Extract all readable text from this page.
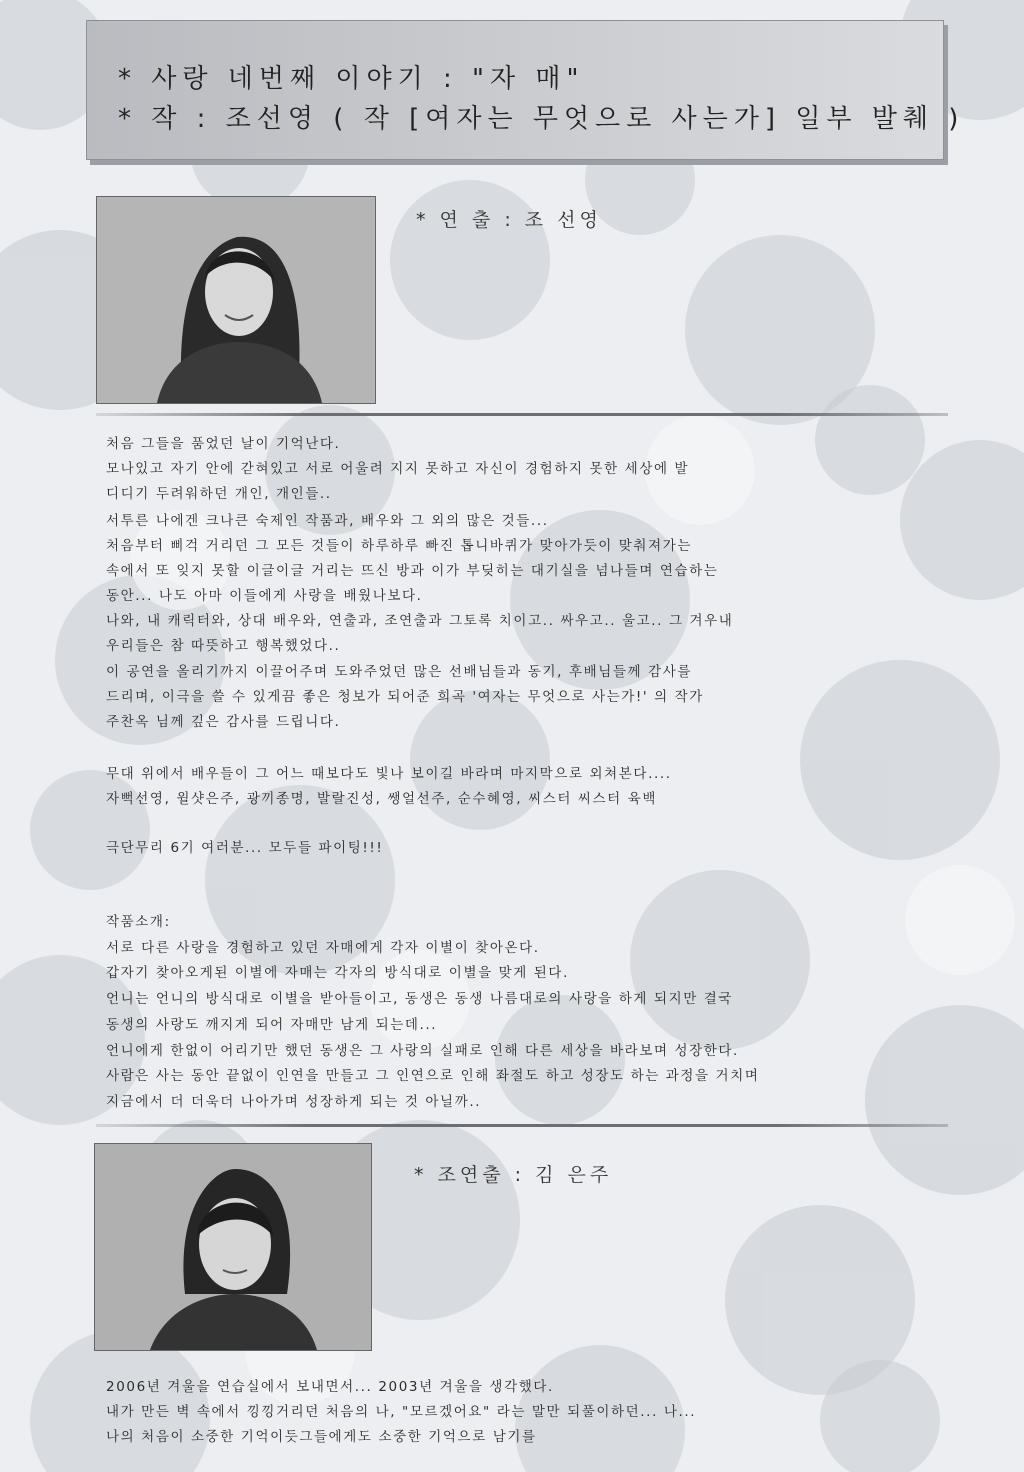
* 사랑 네번째 이야기 : "자 매"
* 작 : 조선영 ( 작 [여자는 무엇으로 사는가] 일부 발췌 )
* 연 출 : 조 선영
처음 그들을 품었던 날이 기억난다.
모나있고 자기 안에 갇혀있고 서로 어울려 지지 못하고 자신이 경험하지 못한 세상에 발
디디기 두려워하던 개인, 개인들..
서투른 나에겐 크나큰 숙제인 작품과, 배우와 그 외의 많은 것들...
처음부터 삐걱 거리던 그 모든 것들이 하루하루 빠진 톱니바퀴가 맞아가듯이 맞춰져가는
속에서 또 잊지 못할 이글이글 거리는 뜨신 방과 이가 부딪히는 대기실을 넘나들며 연습하는
동안... 나도 아마 이들에게 사랑을 배웠나보다.
나와, 내 캐릭터와, 상대 배우와, 연출과, 조연출과 그토록 치이고.. 싸우고.. 울고.. 그 겨우내
우리들은 참 따뜻하고 행복했었다..
이 공연을 올리기까지 이끌어주며 도와주었던 많은 선배님들과 동기, 후배님들께 감사를
드리며, 이극을 쓸 수 있게끔 좋은 청보가 되어준 희곡 '여자는 무엇으로 사는가!' 의 작가
주찬옥 님께 깊은 감사를 드립니다.
무대 위에서 배우들이 그 어느 때보다도 빛나 보이길 바라며 마지막으로 외쳐본다....
자뻑선영, 윌샷은주, 광끼종명, 발랄진성, 쌩얼선주, 순수혜영, 씨스터 씨스터 육백
극단무리 6기 여러분... 모두들 파이팅!!!
작품소개:
서로 다른 사랑을 경험하고 있던 자매에게 각자 이별이 찾아온다.
갑자기 찾아오게된 이별에 자매는 각자의 방식대로 이별을 맞게 된다.
언니는 언니의 방식대로 이별을 받아들이고, 동생은 동생 나름대로의 사랑을 하게 되지만 결국
동생의 사랑도 깨지게 되어 자매만 남게 되는데...
언니에게 한없이 어리기만 했던 동생은 그 사랑의 실패로 인해 다른 세상을 바라보며 성장한다.
사람은 사는 동안 끝없이 인연을 만들고 그 인연으로 인해 좌절도 하고 성장도 하는 과정을 거치며
지금에서 더 더욱더 나아가며 성장하게 되는 것 아닐까..
* 조연출 : 김 은주
2006년 겨울을 연습실에서 보내면서... 2003년 겨울을 생각했다.
내가 만든 벽 속에서 낑낑거리던 처음의 나, "모르겠어요" 라는 말만 되풀이하던... 나...
나의 처음이 소중한 기억이듯그들에게도 소중한 기억으로 남기를
